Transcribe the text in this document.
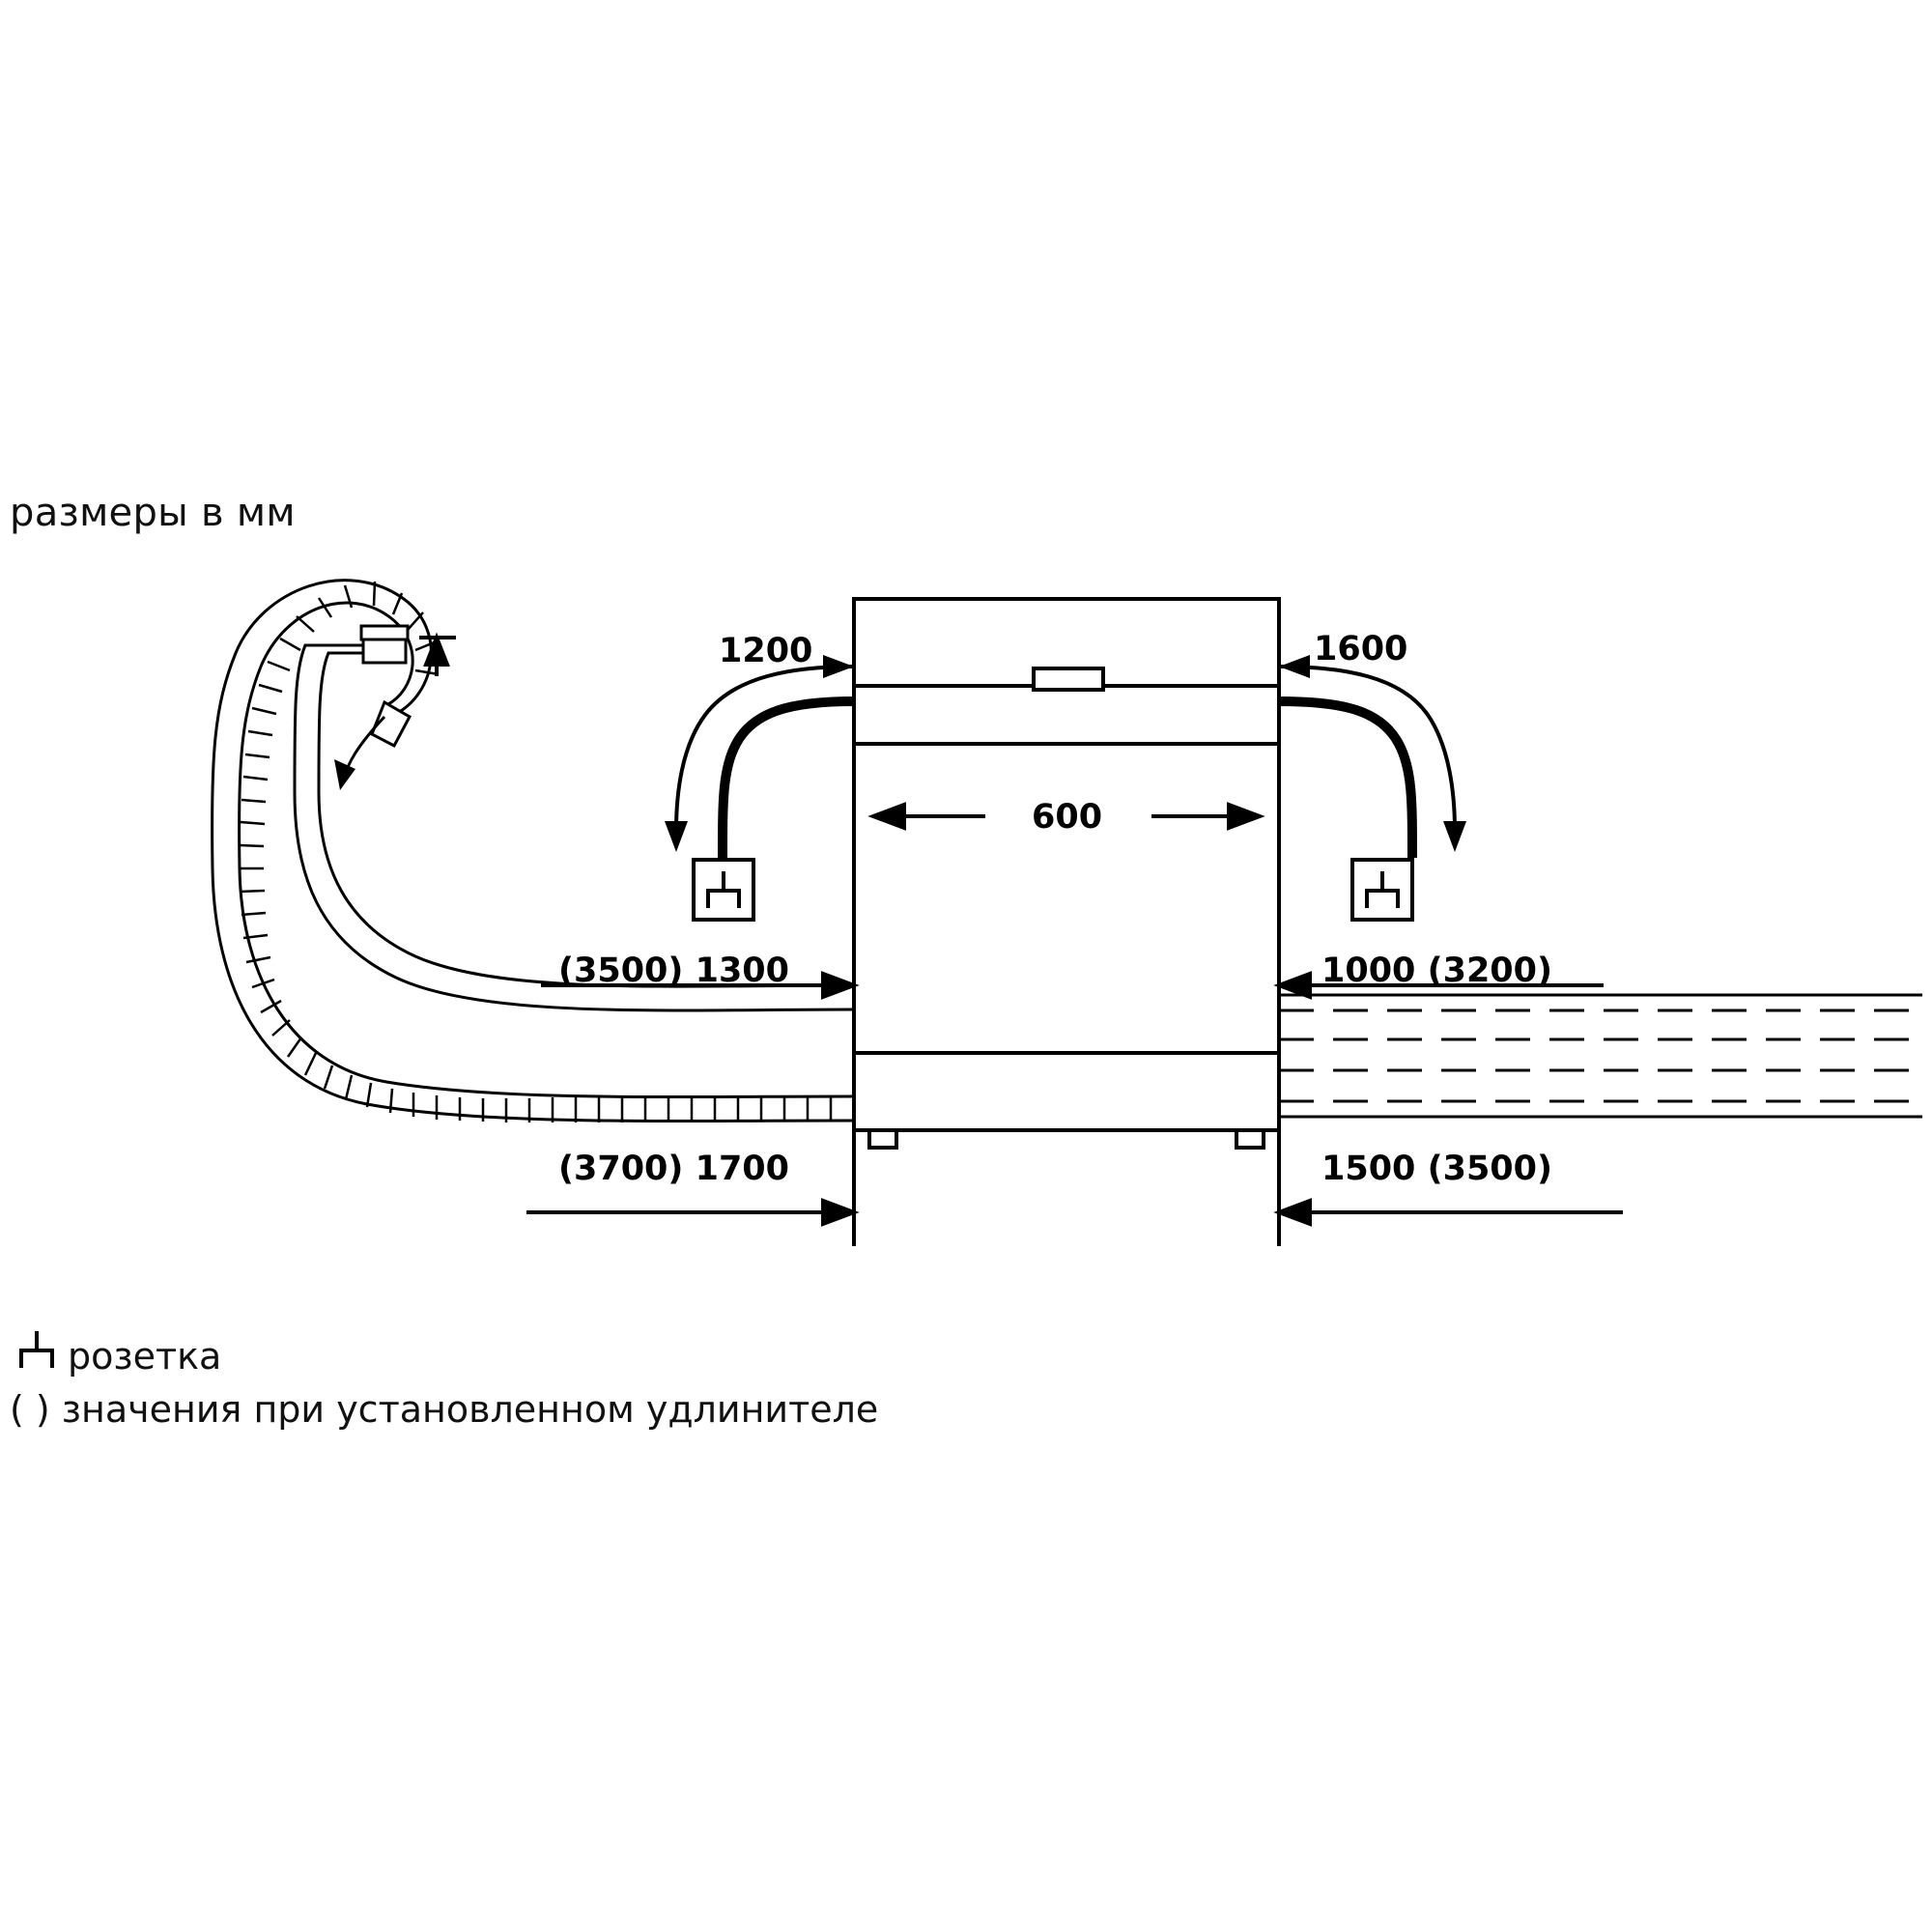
размеры в мм
1200	1600
600
(3500) 1300	1000 (3200)
(3700) 1700	1500 (3500)
розетка
( ) значения при установленном удлинителе
